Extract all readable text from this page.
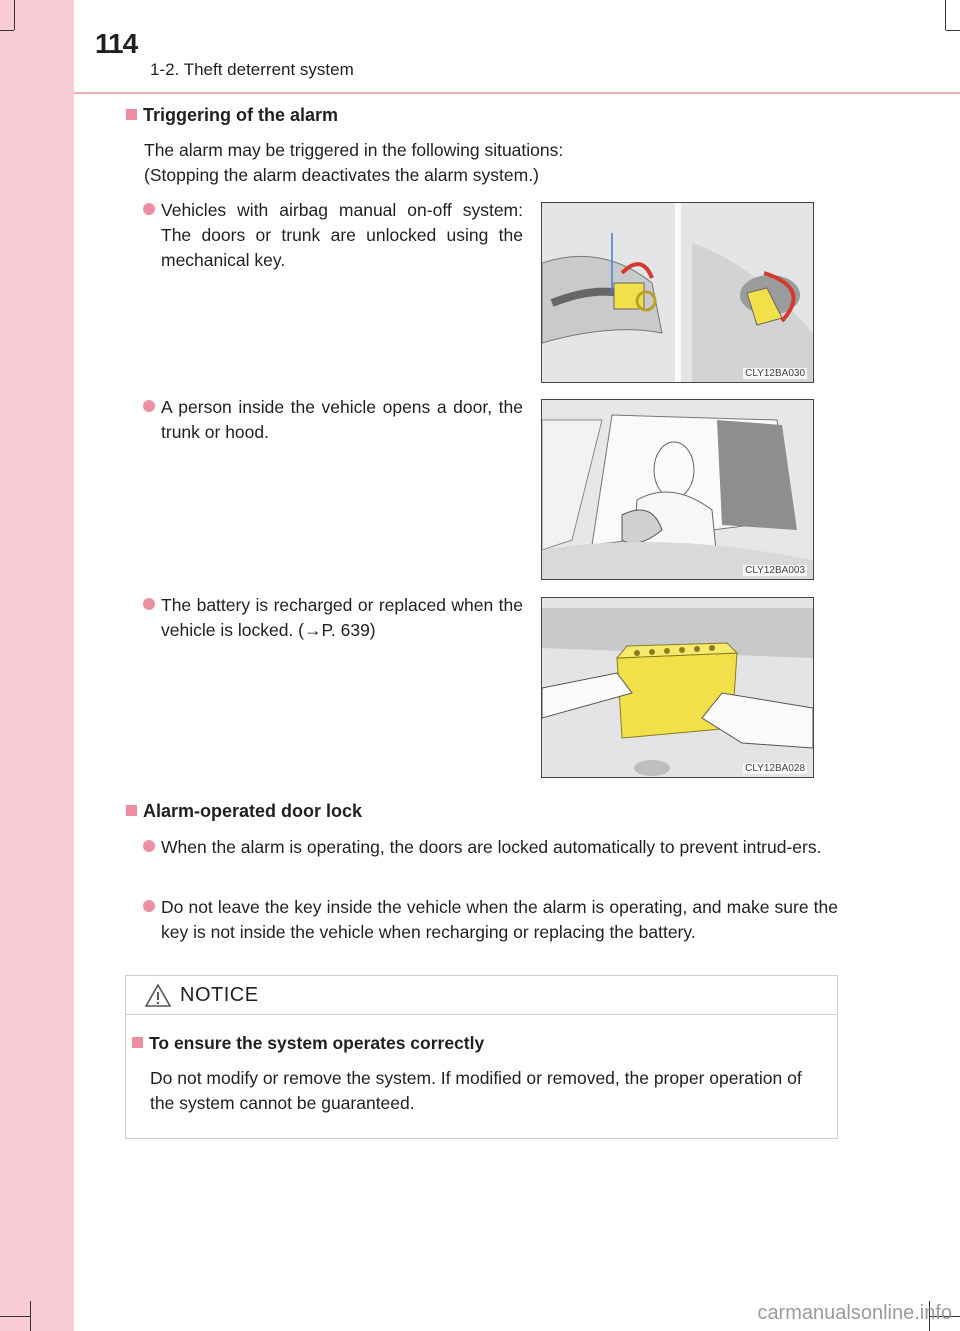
114
1-2. Theft deterrent system
Triggering of the alarm
The alarm may be triggered in the following situations:
(Stopping the alarm deactivates the alarm system.)
Vehicles with airbag manual on-off system: The doors or trunk are unlocked using the mechanical key.
CLY12BA030
A person inside the vehicle opens a door, the trunk or hood.
CLY12BA003
The battery is recharged or replaced when the vehicle is locked. (→P. 639)
CLY12BA028
Alarm-operated door lock
When the alarm is operating, the doors are locked automatically to prevent intrud-ers.
Do not leave the key inside the vehicle when the alarm is operating, and make sure the key is not inside the vehicle when recharging or replacing the battery.
NOTICE
To ensure the system operates correctly
Do not modify or remove the system. If modified or removed, the proper operation of the system cannot be guaranteed.
carmanualsonline.info
